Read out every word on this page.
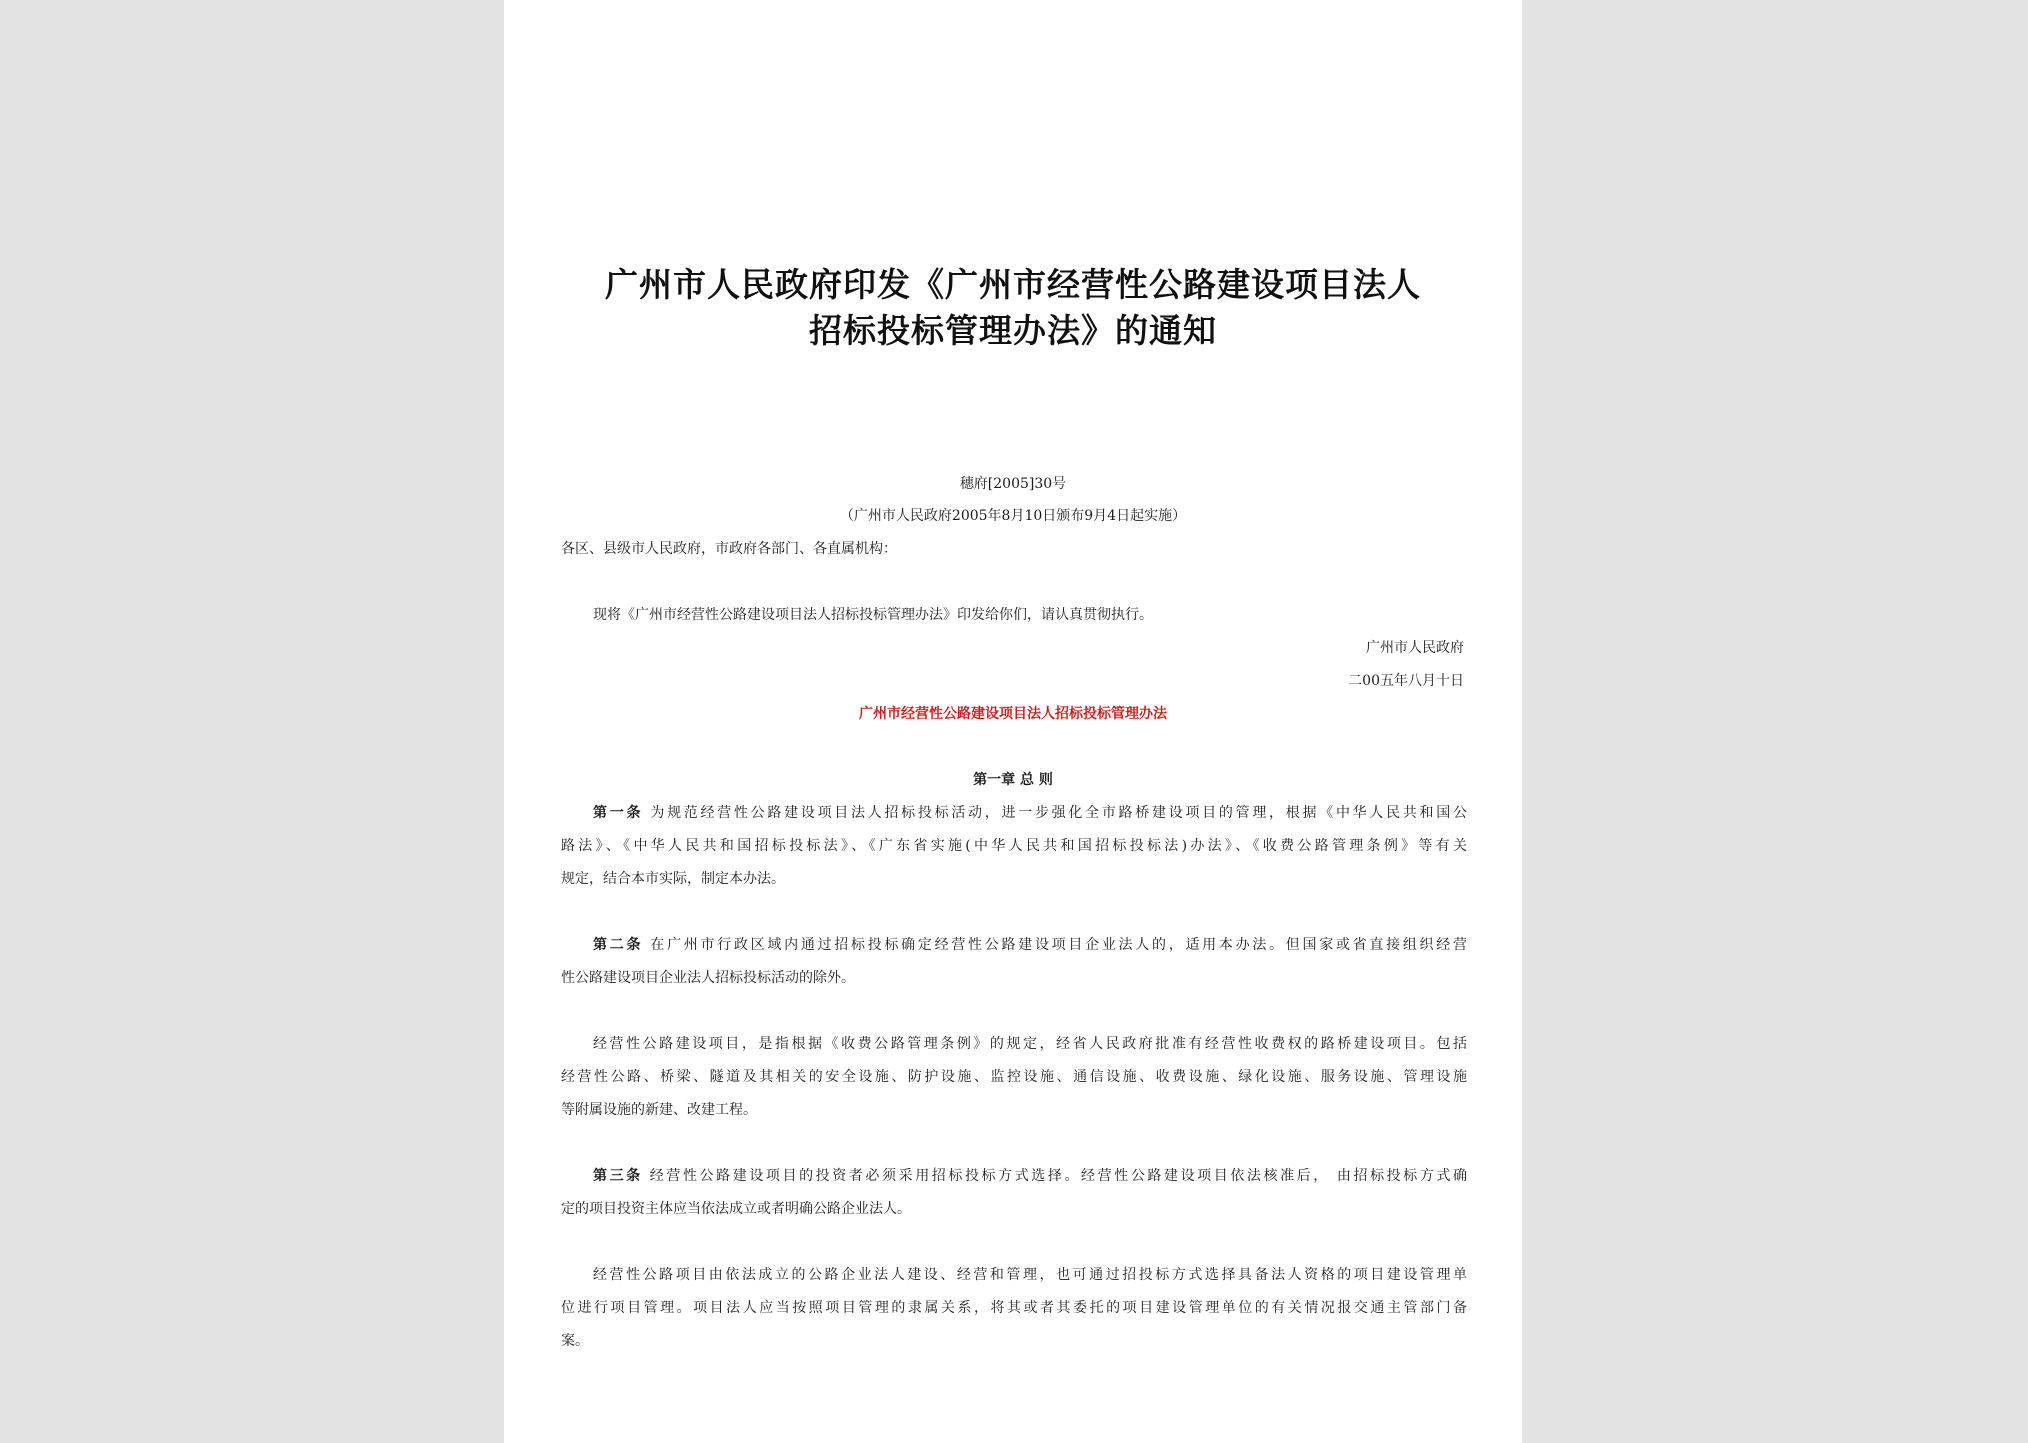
广州市人民政府印发《广州市经营性公路建设项目法人
招标投标管理办法》的通知
穗府[2005]30号
（广州市人民政府2005年8月10日颁布9月4日起实施）
各区、县级市人民政府，市政府各部门、各直属机构：
现将《广州市经营性公路建设项目法人招标投标管理办法》印发给你们，请认真贯彻执行。
广州市人民政府
二00五年八月十日
广州市经营性公路建设项目法人招标投标管理办法
第一章 总 则
第一条 为规范经营性公路建设项目法人招标投标活动，进一步强化全市路桥建设项目的管理，根据《中华人民共和国公
路法》、《中华人民共和国招标投标法》、《广东省实施(中华人民共和国招标投标法)办法》、《收费公路管理条例》等有关
规定，结合本市实际，制定本办法。
第二条 在广州市行政区域内通过招标投标确定经营性公路建设项目企业法人的，适用本办法。但国家或省直接组织经营
性公路建设项目企业法人招标投标活动的除外。
经营性公路建设项目，是指根据《收费公路管理条例》的规定，经省人民政府批准有经营性收费权的路桥建设项目。包括
经营性公路、桥梁、隧道及其相关的安全设施、防护设施、监控设施、通信设施、收费设施、绿化设施、服务设施、管理设施
等附属设施的新建、改建工程。
第三条 经营性公路建设项目的投资者必须采用招标投标方式选择。经营性公路建设项目依法核准后， 由招标投标方式确
定的项目投资主体应当依法成立或者明确公路企业法人。
经营性公路项目由依法成立的公路企业法人建设、经营和管理，也可通过招投标方式选择具备法人资格的项目建设管理单
位进行项目管理。项目法人应当按照项目管理的隶属关系，将其或者其委托的项目建设管理单位的有关情况报交通主管部门备
案。
